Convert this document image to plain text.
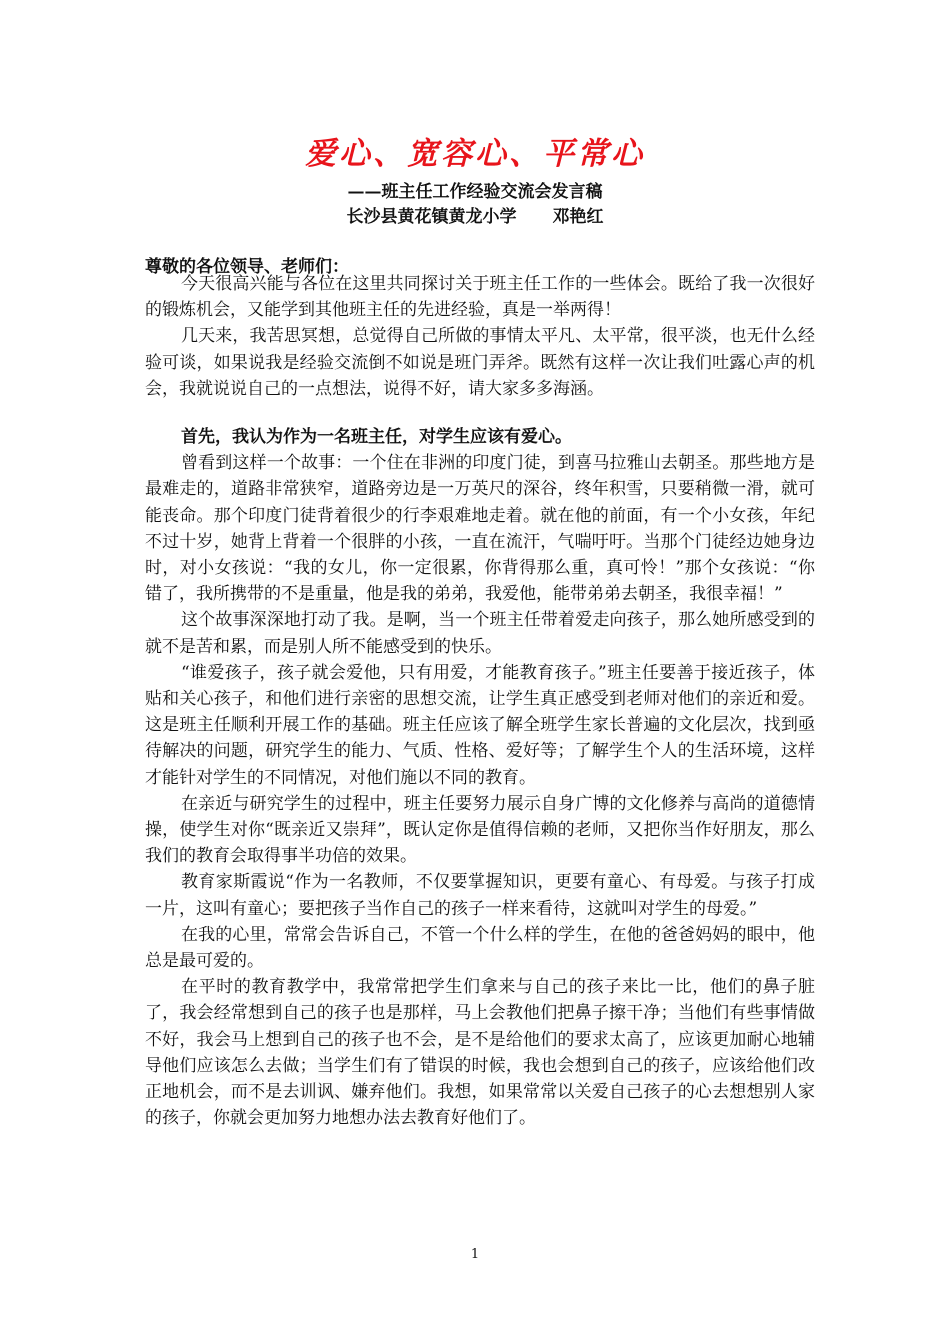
爱心、宽容心、平常心
——班主任工作经验交流会发言稿
长沙县黄花镇黄龙小学 邓艳红
尊敬的各位领导、老师们：

今天很高兴能与各位在这里共同探讨关于班主任工作的一些体会。既给了我一次很好的锻炼机会，又能学到其他班主任的先进经验，真是一举两得！

几天来，我苦思冥想，总觉得自己所做的事情太平凡、太平常，很平淡，也无什么经验可谈，如果说我是经验交流倒不如说是班门弄斧。既然有这样一次让我们吐露心声的机会，我就说说自己的一点想法，说得不好，请大家多多海涵。

首先，我认为作为一名班主任，对学生应该有爱心。

曾看到这样一个故事：一个住在非洲的印度门徒，到喜马拉雅山去朝圣。那些地方是最难走的，道路非常狭窄，道路旁边是一万英尺的深谷，终年积雪，只要稍微一滑，就可能丧命。那个印度门徒背着很少的行李艰难地走着。就在他的前面，有一个小女孩，年纪不过十岁，她背上背着一个很胖的小孩，一直在流汗，气喘吁吁。当那个门徒经边她身边时，对小女孩说：“我的女儿，你一定很累，你背得那么重，真可怜！”那个女孩说：“你错了，我所携带的不是重量，他是我的弟弟，我爱他，能带弟弟去朝圣，我很幸福！”

这个故事深深地打动了我。是啊，当一个班主任带着爱走向孩子，那么她所感受到的就不是苦和累，而是别人所不能感受到的快乐。

“谁爱孩子，孩子就会爱他，只有用爱，才能教育孩子。”班主任要善于接近孩子，体贴和关心孩子，和他们进行亲密的思想交流，让学生真正感受到老师对他们的亲近和爱。这是班主任顺利开展工作的基础。班主任应该了解全班学生家长普遍的文化层次，找到亟待解决的问题，研究学生的能力、气质、性格、爱好等；了解学生个人的生活环境，这样才能针对学生的不同情况，对他们施以不同的教育。

在亲近与研究学生的过程中，班主任要努力展示自身广博的文化修养与高尚的道德情操，使学生对你“既亲近又崇拜”，既认定你是值得信赖的老师，又把你当作好朋友，那么我们的教育会取得事半功倍的效果。

教育家斯霞说“作为一名教师，不仅要掌握知识，更要有童心、有母爱。与孩子打成一片，这叫有童心；要把孩子当作自己的孩子一样来看待，这就叫对学生的母爱。”

在我的心里，常常会告诉自己，不管一个什么样的学生，在他的爸爸妈妈的眼中，他总是最可爱的。

在平时的教育教学中，我常常把学生们拿来与自己的孩子来比一比，他们的鼻子脏了，我会经常想到自己的孩子也是那样，马上会教他们把鼻子擦干净；当他们有些事情做不好，我会马上想到自己的孩子也不会，是不是给他们的要求太高了，应该更加耐心地辅导他们应该怎么去做；当学生们有了错误的时候，我也会想到自己的孩子，应该给他们改正地机会，而不是去训讽、嫌弃他们。我想，如果常常以关爱自己孩子的心去想想别人家的孩子，你就会更加努力地想办法去教育好他们了。

1
